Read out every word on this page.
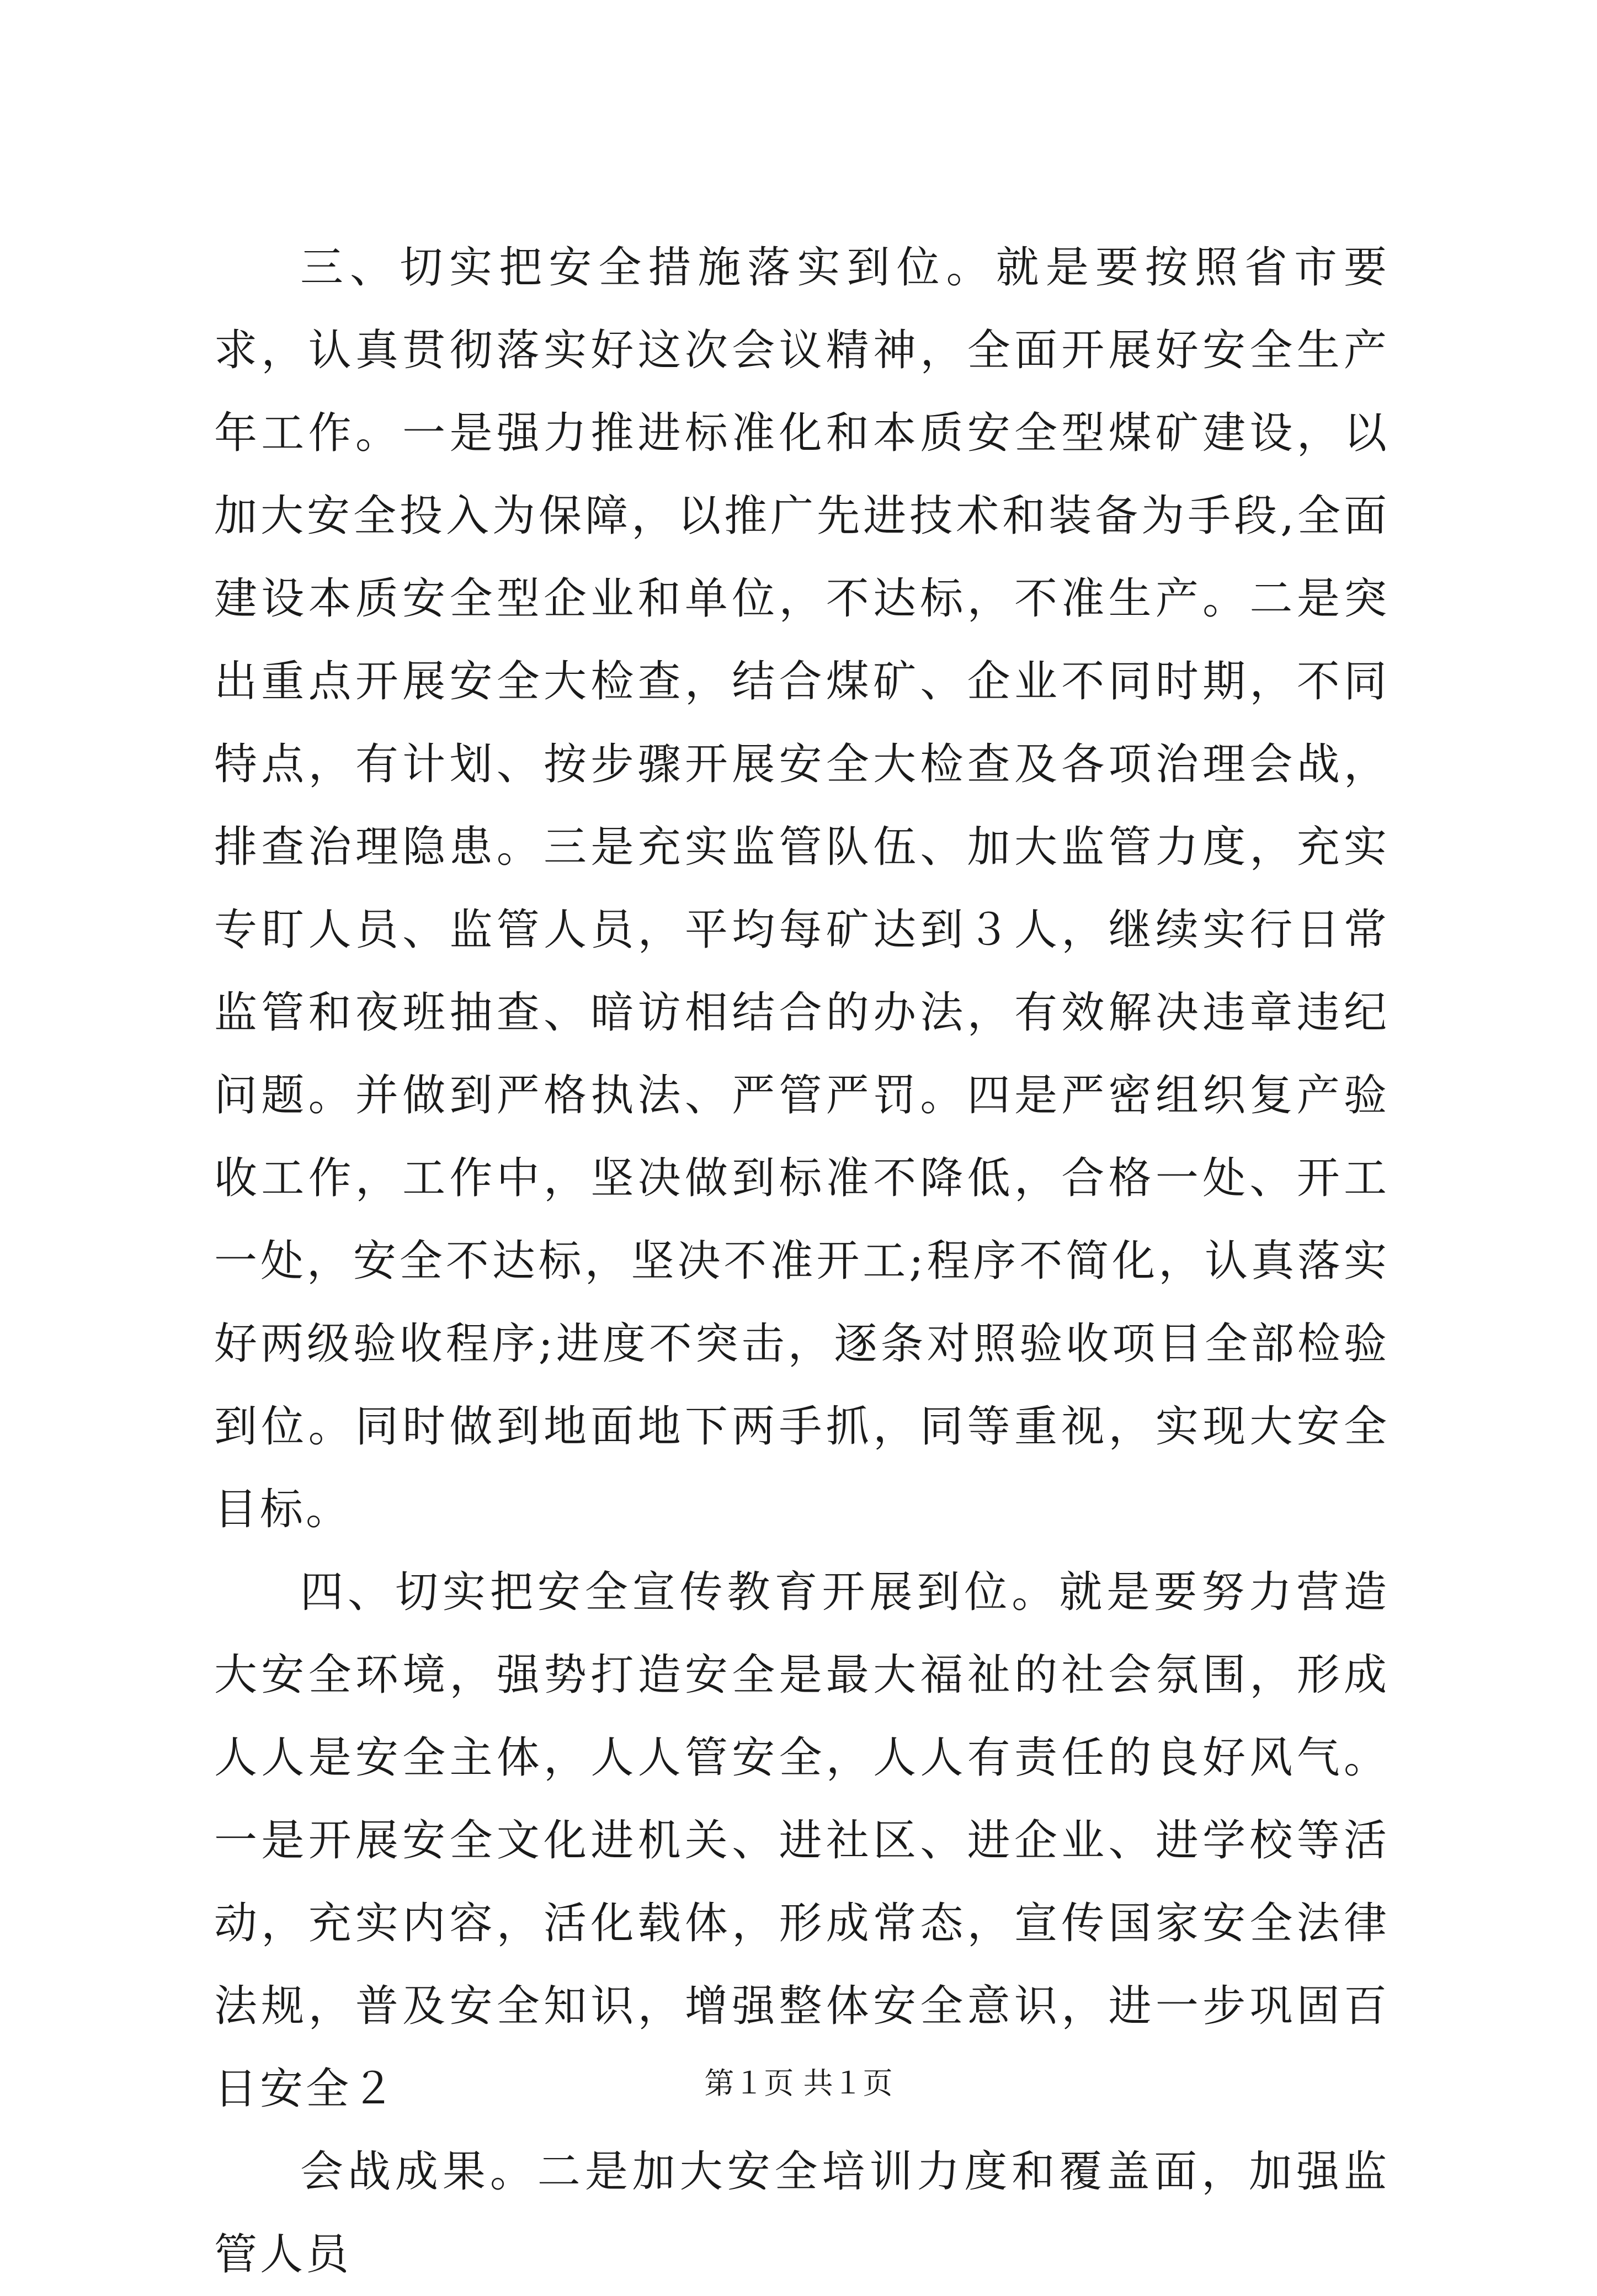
三、切实把安全措施落实到位。就是要按照省市要求，认真贯彻落实好这次会议精神，全面开展好安全生产年工作。一是强力推进标准化和本质安全型煤矿建设，以加大安全投入为保障，以推广先进技术和装备为手段,全面建设本质安全型企业和单位，不达标，不准生产。二是突出重点开展安全大检查，结合煤矿、企业不同时期，不同特点，有计划、按步骤开展安全大检查及各项治理会战，排查治理隐患。三是充实监管队伍、加大监管力度，充实专盯人员、监管人员，平均每矿达到３人，继续实行日常监管和夜班抽查、暗访相结合的办法，有效解决违章违纪问题。并做到严格执法、严管严罚。四是严密组织复产验收工作，工作中，坚决做到标准不降低，合格一处、开工一处，安全不达标，坚决不准开工;程序不简化，认真落实好两级验收程序;进度不突击，逐条对照验收项目全部检验到位。同时做到地面地下两手抓，同等重视，实现大安全目标。

四、切实把安全宣传教育开展到位。就是要努力营造大安全环境，强势打造安全是最大福祉的社会氛围，形成人人是安全主体，人人管安全，人人有责任的良好风气。一是开展安全文化进机关、进社区、进企业、进学校等活动，充实内容，活化载体，形成常态，宣传国家安全法律法规，普及安全知识，增强整体安全意识，进一步巩固百日安全２

会战成果。二是加大安全培训力度和覆盖面，加强监管人员

第１页 共１页
